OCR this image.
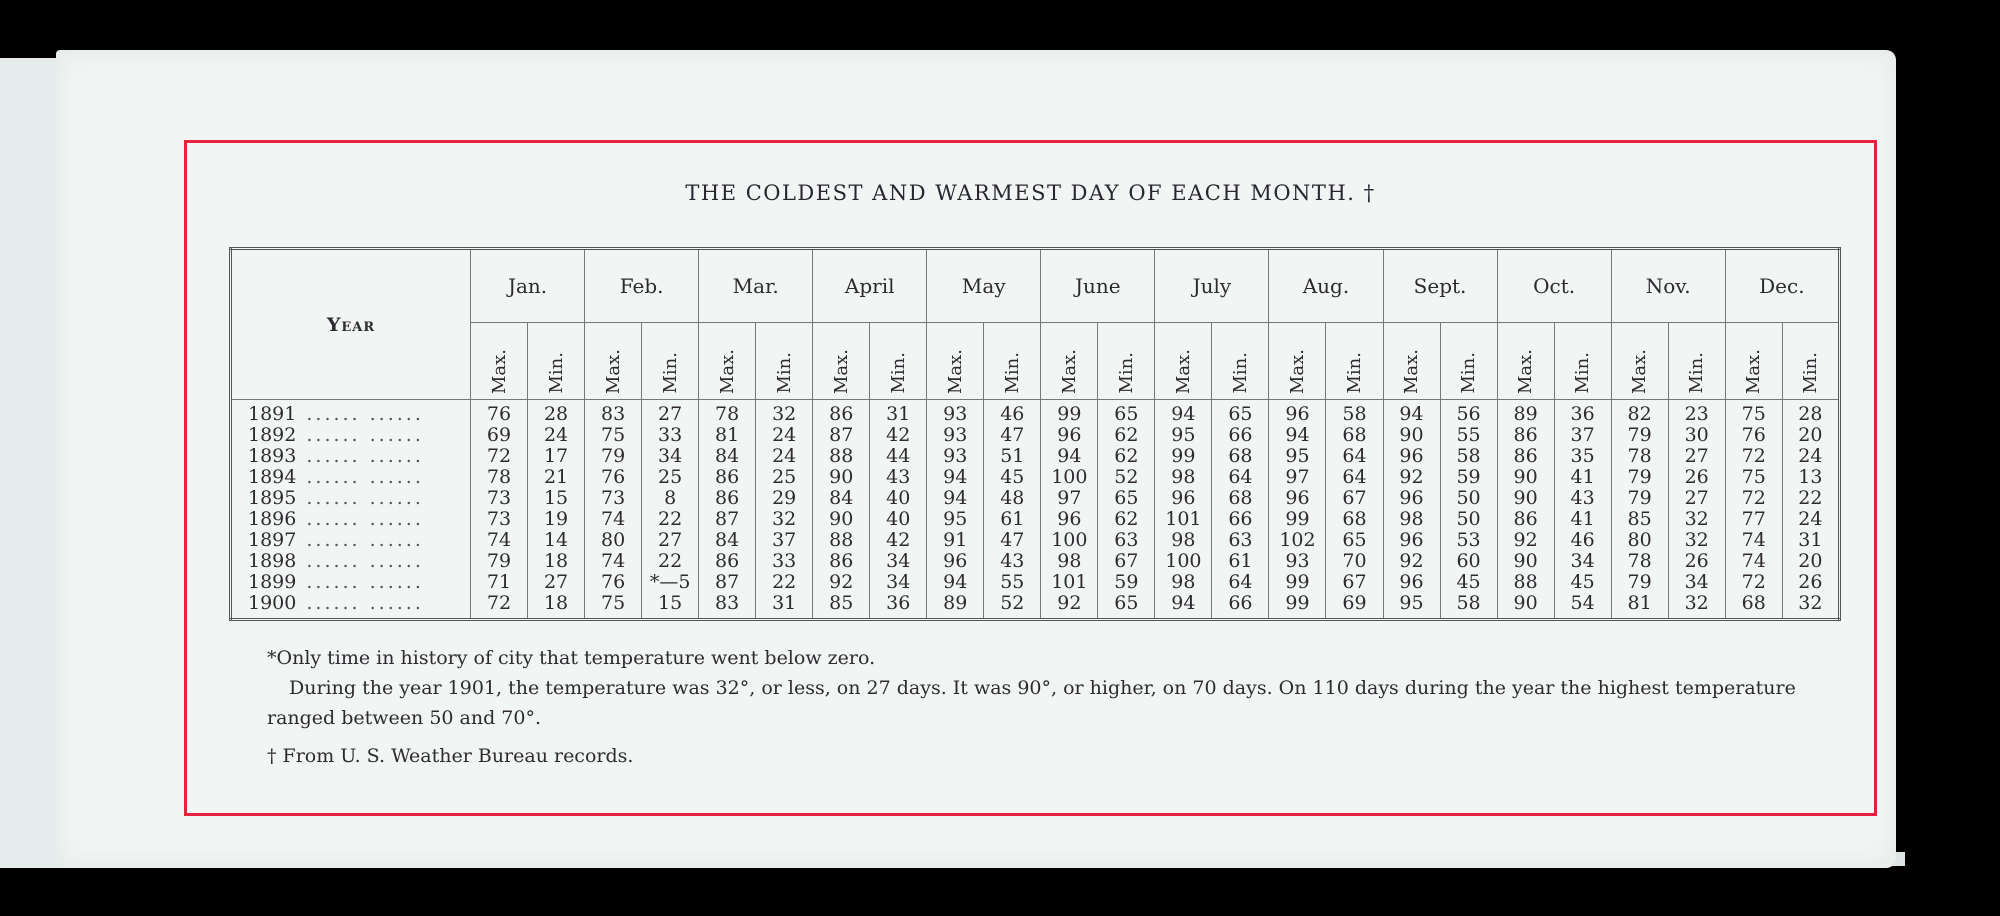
THE COLDEST AND WARMEST DAY OF EACH MONTH. †
Year	Jan.		Feb.		Mar.		April		May		June		July		Aug.		Sept.		Oct.		Nov.		Dec.	
	Max.	Min.	Max.	Min.	Max.	Min.	Max.	Min.	Max.	Min.	Max.	Min.	Max.	Min.	Max.	Min.	Max.	Min.	Max.	Min.	Max.	Min.	Max.	Min.
1891 ...... ......	76	28	83	27	78	32	86	31	93	46	99	65	94	65	96	58	94	56	89	36	82	23	75	28
1892 ...... ......	69	24	75	33	81	24	87	42	93	47	96	62	95	66	94	68	90	55	86	37	79	30	76	20
1893 ...... ......	72	17	79	34	84	24	88	44	93	51	94	62	99	68	95	64	96	58	86	35	78	27	72	24
1894 ...... ......	78	21	76	25	86	25	90	43	94	45	100	52	98	64	97	64	92	59	90	41	79	26	75	13
1895 ...... ......	73	15	73	8	86	29	84	40	94	48	97	65	96	68	96	67	96	50	90	43	79	27	72	22
1896 ...... ......	73	19	74	22	87	32	90	40	95	61	96	62	101	66	99	68	98	50	86	41	85	32	77	24
1897 ...... ......	74	14	80	27	84	37	88	42	91	47	100	63	98	63	102	65	96	53	92	46	80	32	74	31
1898 ...... ......	79	18	74	22	86	33	86	34	96	43	98	67	100	61	93	70	92	60	90	34	78	26	74	20
1899 ...... ......	71	27	76	*—5	87	22	92	34	94	55	101	59	98	64	99	67	96	45	88	45	79	34	72	26
1900 ...... ......	72	18	75	15	83	31	85	36	89	52	92	65	94	66	99	69	95	58	90	54	81	32	68	32

*Only time in history of city that temperature went below zero.

During the year 1901, the temperature was 32°, or less, on 27 days. It was 90°, or higher, on 70 days. On 110 days during the year the highest temperature ranged between 50 and 70°.

† From U. S. Weather Bureau records.
